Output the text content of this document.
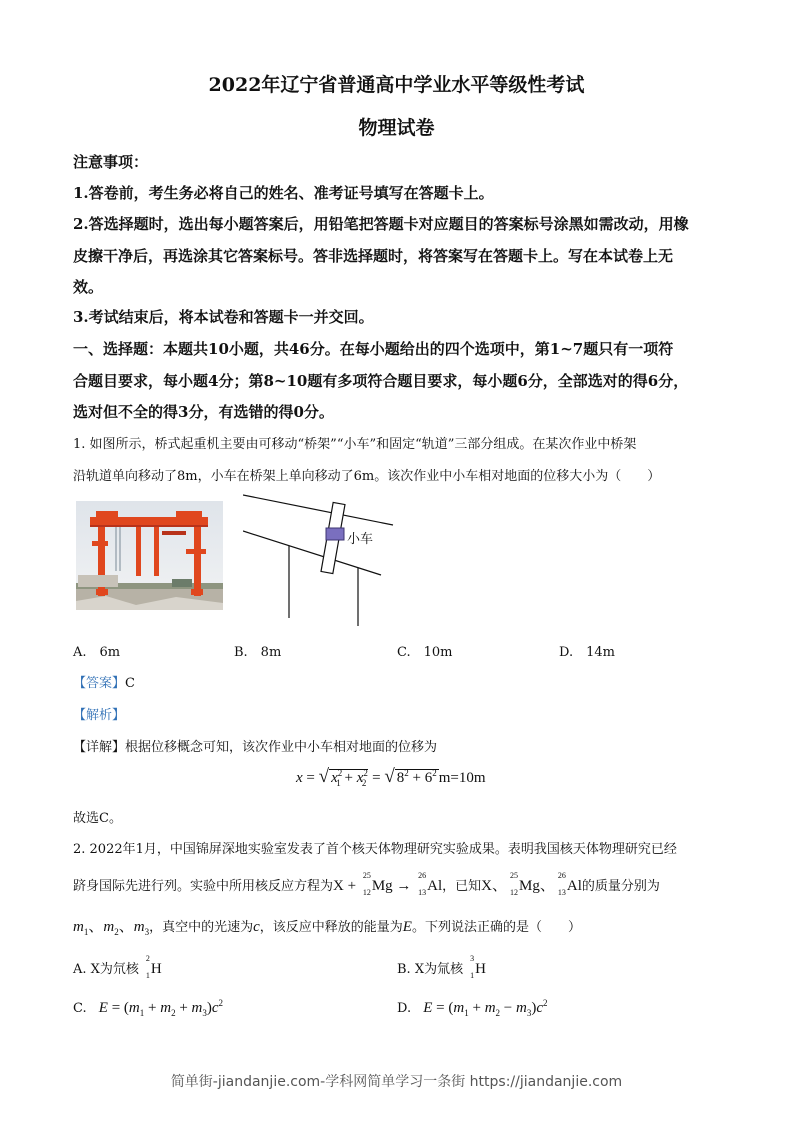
2022年辽宁省普通高中学业水平等级性考试
物理试卷
注意事项：
1.答卷前，考生务必将自己的姓名、准考证号填写在答题卡上。
2.答选择题时，选出每小题答案后，用铅笔把答题卡对应题目的答案标号涂黑如需改动，用橡
皮擦干净后，再选涂其它答案标号。答非选择题时，将答案写在答题卡上。写在本试卷上无
效。
3.考试结束后，将本试卷和答题卡一并交回。
一、选择题：本题共10小题，共46分。在每小题给出的四个选项中，第1~7题只有一项符
合题目要求，每小题4分；第8~10题有多项符合题目要求，每小题6分，全部选对的得6分，
选对但不全的得3分，有选错的得0分。
1. 如图所示，桥式起重机主要由可移动“桥架”“小车”和固定“轨道”三部分组成。在某次作业中桥架
沿轨道单向移动了8m，小车在桥架上单向移动了6m。该次作业中小车相对地面的位移大小为（　　）
小车
A.　6m	B.　8m	C.　10m	D.　14m
【答案】C
【解析】
【详解】根据位移概念可知，该次作业中小车相对地面的位移为
x = √ $x^2_1 + x^2_2$ = √ $8^2 + 6^2$ m=10m
故选C。
2. 2022年1月，中国锦屏深地实验室发表了首个核天体物理研究实验成果。表明我国核天体物理研究已经
跻身国际先进行列。实验中所用核反应方程为X +
25
12 Mg →
26
13 Al，已知X、
25
12 Mg、
26
13 Al的质量分别为
$m_1$、$m_2$、$m_3$，真空中的光速为c，该反应中释放的能量为E。下列说法正确的是（　　）
A. X为氘核
2
1 H	B. X为氚核
3
1 H
C. $E = (m_1 + m_2 + m_3)c^2$	D. $E = (m_1 + m_2 - m_3)c^2$
简单街-jiandanjie.com-学科网简单学习一条街 https://jiandanjie.com
